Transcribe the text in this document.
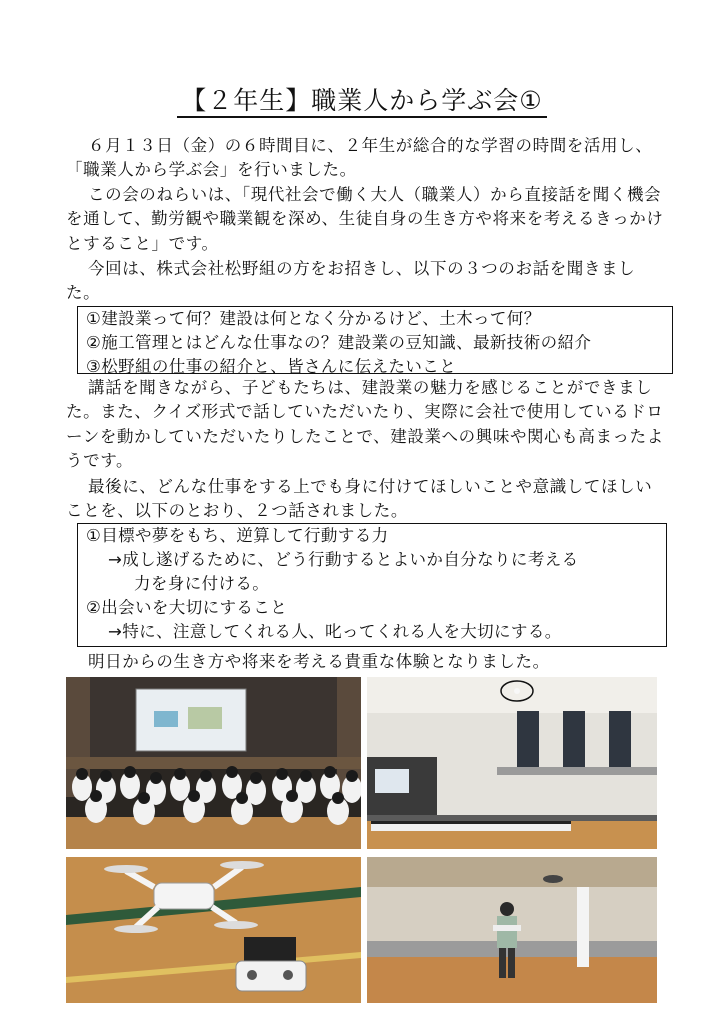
【２年生】職業人から学ぶ会①

６月１３日（金）の６時間目に、２年生が総合的な学習の時間を活用し、「職業人から学ぶ会」を行いました。

この会のねらいは、「現代社会で働く大人（職業人）から直接話を聞く機会を通して、勤労観や職業観を深め、生徒自身の生き方や将来を考えるきっかけとすること」です。

今回は、株式会社松野組の方をお招きし、以下の３つのお話を聞きました。

①建設業って何？建設は何となく分かるけど、土木って何？
②施工管理とはどんな仕事なの？建設業の豆知識、最新技術の紹介
③松野組の仕事の紹介と、皆さんに伝えたいこと

講話を聞きながら、子どもたちは、建設業の魅力を感じることができました。また、クイズ形式で話していただいたり、実際に会社で使用しているドローンを動かしていただいたりしたことで、建設業への興味や関心も高まったようです。

最後に、どんな仕事をする上でも身に付けてほしいことや意識してほしいことを、以下のとおり、２つ話されました。

①目標や夢をもち、逆算して行動する力
→成し遂げるために、どう行動するとよいか自分なりに考える
力を身に付ける。
②出会いを大切にすること
→特に、注意してくれる人、叱ってくれる人を大切にする。

明日からの生き方や将来を考える貴重な体験となりました。
